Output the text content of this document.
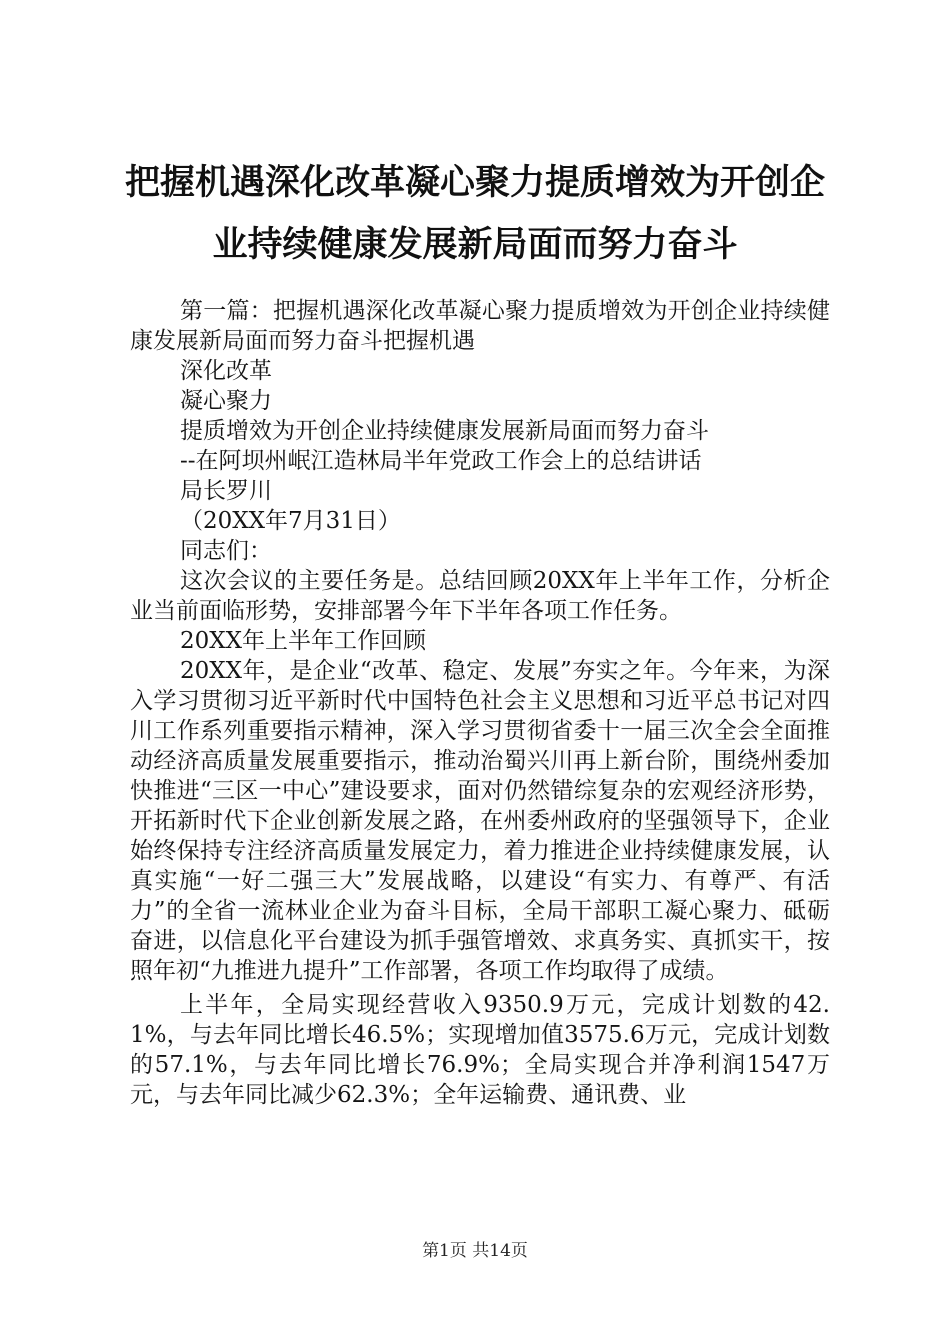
把握机遇深化改革凝心聚力提质增效为开创企
业持续健康发展新局面而努力奋斗

第一篇：把握机遇深化改革凝心聚力提质增效为开创企业持续健康发展新局面而努力奋斗把握机遇

深化改革

凝心聚力

提质增效为开创企业持续健康发展新局面而努力奋斗

--在阿坝州岷江造林局半年党政工作会上的总结讲话

局长罗川

（20XX年7月31日）

同志们：

这次会议的主要任务是。总结回顾20XX年上半年工作，分析企业当前面临形势，安排部署今年下半年各项工作任务。

20XX年上半年工作回顾

20XX年，是企业“改革、稳定、发展”夯实之年。今年来，为深入学习贯彻习近平新时代中国特色社会主义思想和习近平总书记对四川工作系列重要指示精神，深入学习贯彻省委十一届三次全会全面推动经济高质量发展重要指示，推动治蜀兴川再上新台阶，围绕州委加快推进“三区一中心”建设要求，面对仍然错综复杂的宏观经济形势，开拓新时代下企业创新发展之路，在州委州政府的坚强领导下，企业始终保持专注经济高质量发展定力，着力推进企业持续健康发展，认真实施“一好二强三大”发展战略，以建设“有实力、有尊严、有活力”的全省一流林业企业为奋斗目标，全局干部职工凝心聚力、砥砺奋进，以信息化平台建设为抓手强管增效、求真务实、真抓实干，按照年初“九推进九提升”工作部署，各项工作均取得了成绩。

上半年，全局实现经营收入9350.9万元，完成计划数的42.1%，与去年同比增长46.5%；实现增加值3575.6万元，完成计划数的57.1%，与去年同比增长76.9%；全局实现合并净利润1547万元，与去年同比减少62.3%；全年运输费、通讯费、业

第1页 共14页
